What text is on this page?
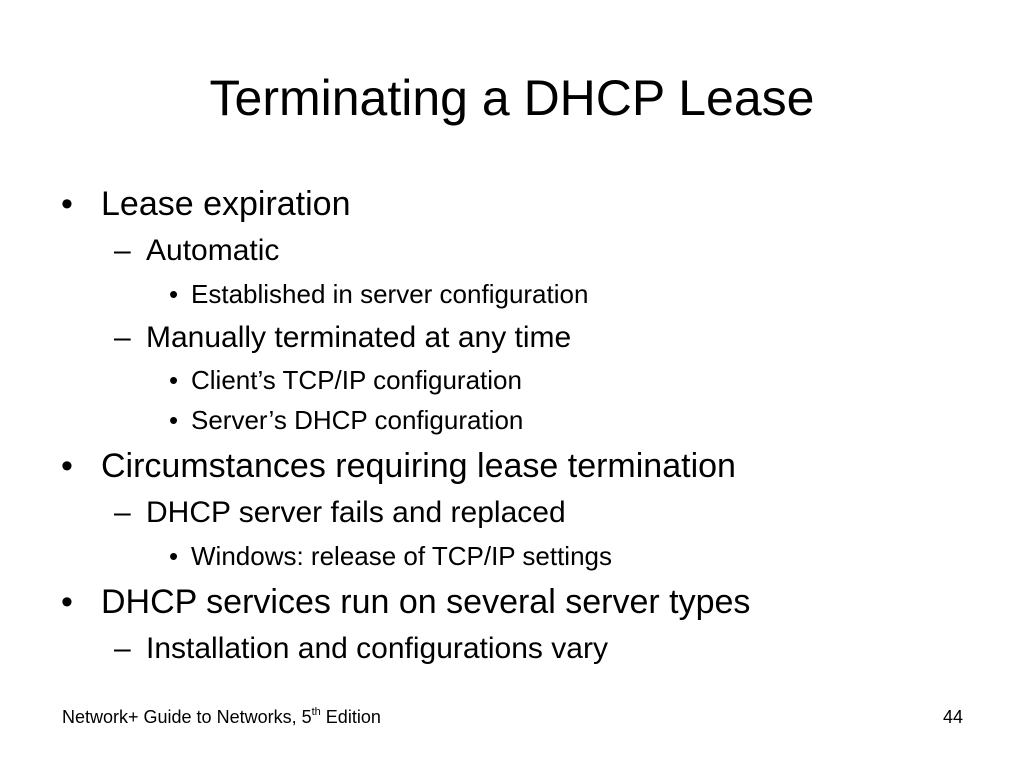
Terminating a DHCP Lease
• Lease expiration
– Automatic
• Established in server configuration
– Manually terminated at any time
• Client’s TCP/IP configuration
• Server’s DHCP configuration
• Circumstances requiring lease termination
– DHCP server fails and replaced
• Windows: release of TCP/IP settings
• DHCP services run on several server types
– Installation and configurations vary
Network+ Guide to Networks, 5th Edition	44
